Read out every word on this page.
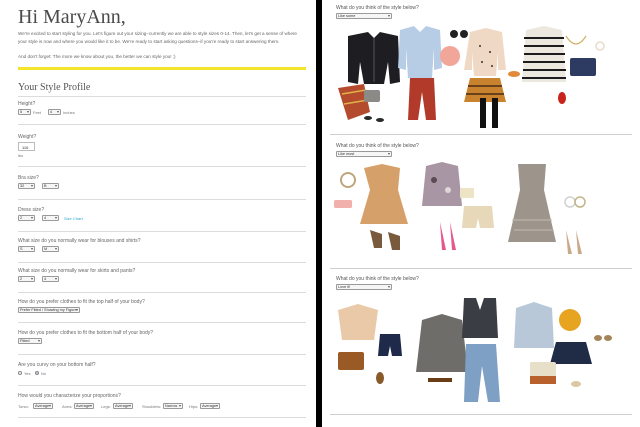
Hi MaryAnn,
We're excited to start styling for you. Let's figure out your sizing–currently we are able to style sizes 0-14. Then, let's get a sense of where your style is now and where you would like it to be. We're ready to start asking questions–if you're ready to start answering them.
And don't forget: The more we know about you, the better we can style you! ;)
Your Style Profile
Height?
5 ▾	Feet	4 ▾	Inches
Weight?
116
lbs
Bra size?
32 ▾	B ▾
Dress size?
2 ▾	4 ▾	Size Chart
What size do you normally wear for blouses and shirts?
S ▾	M ▾
What size do you normally wear for skirts and pants?
2 ▾	4 ▾
How do you prefer clothes to fit the top half of your body?
Prefer Fitted / Showing my Figure ▾
How do you prefer clothes to fit the bottom half of your body?
Fitted ▾
Are you curvy on your bottom half?
Yes	No
How would you characterize your proportions?
Torso:	Average ▾	Arms: Average ▾	Legs:	Average ▾	Shoulders:	Narrow ▾	Hips:	Average ▾
What do you think of the style below?
Like some ▾
What do you think of the style below?
Like most ▾
What do you think of the style below?
Love it! ▾
